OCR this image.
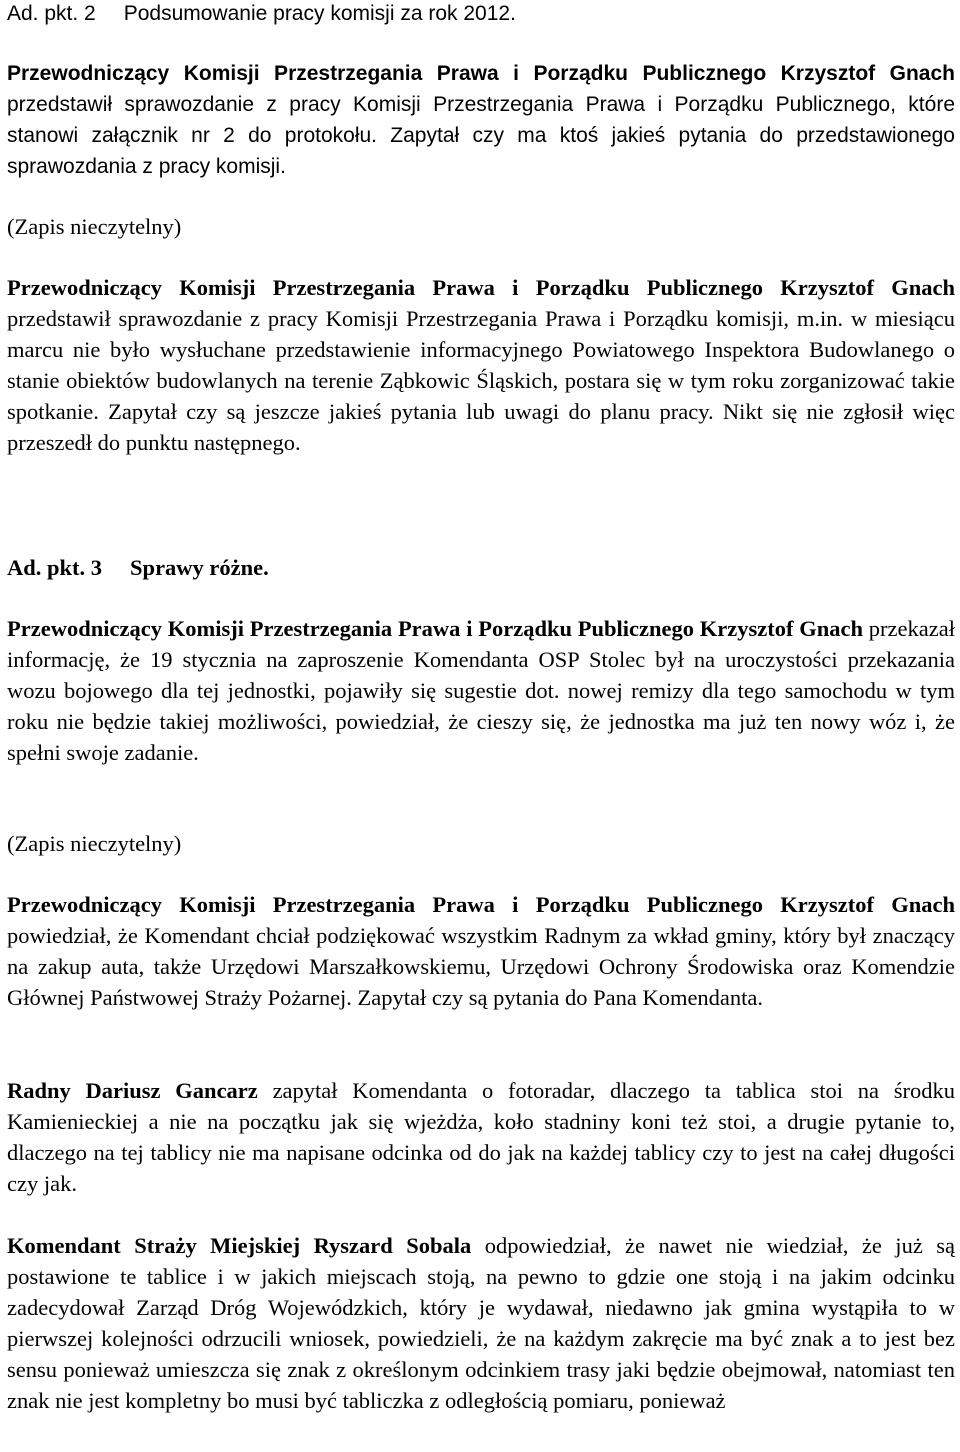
Ad. pkt. 2 Podsumowanie pracy komisji za rok 2012.

Przewodniczący Komisji Przestrzegania Prawa i Porządku Publicznego Krzysztof Gnach przedstawił sprawozdanie z pracy Komisji Przestrzegania Prawa i Porządku Publicznego, które stanowi załącznik nr 2 do protokołu. Zapytał czy ma ktoś jakieś pytania do przedstawionego sprawozdania z pracy komisji.

(Zapis nieczytelny)

Przewodniczący Komisji Przestrzegania Prawa i Porządku Publicznego Krzysztof Gnach przedstawił sprawozdanie z pracy Komisji Przestrzegania Prawa i Porządku komisji, m.in. w miesiącu marcu nie było wysłuchane przedstawienie informacyjnego Powiatowego Inspektora Budowlanego o stanie obiektów budowlanych na terenie Ząbkowic Śląskich, postara się w tym roku zorganizować takie spotkanie. Zapytał czy są jeszcze jakieś pytania lub uwagi do planu pracy. Nikt się nie zgłosił więc przeszedł do punktu następnego.

Ad. pkt. 3 Sprawy różne.

Przewodniczący Komisji Przestrzegania Prawa i Porządku Publicznego Krzysztof Gnach przekazał informację, że 19 stycznia na zaproszenie Komendanta OSP Stolec był na uroczystości przekazania wozu bojowego dla tej jednostki, pojawiły się sugestie dot. nowej remizy dla tego samochodu w tym roku nie będzie takiej możliwości, powiedział, że cieszy się, że jednostka ma już ten nowy wóz i, że spełni swoje zadanie.

(Zapis nieczytelny)

Przewodniczący Komisji Przestrzegania Prawa i Porządku Publicznego Krzysztof Gnach powiedział, że Komendant chciał podziękować wszystkim Radnym za wkład gminy, który był znaczący na zakup auta, także Urzędowi Marszałkowskiemu, Urzędowi Ochrony Środowiska oraz Komendzie Głównej Państwowej Straży Pożarnej. Zapytał czy są pytania do Pana Komendanta.

Radny Dariusz Gancarz zapytał Komendanta o fotoradar, dlaczego ta tablica stoi na środku Kamienieckiej a nie na początku jak się wjeżdża, koło stadniny koni też stoi, a drugie pytanie to, dlaczego na tej tablicy nie ma napisane odcinka od do jak na każdej tablicy czy to jest na całej długości czy jak.

Komendant Straży Miejskiej Ryszard Sobala odpowiedział, że nawet nie wiedział, że już są postawione te tablice i w jakich miejscach stoją, na pewno to gdzie one stoją i na jakim odcinku zadecydował Zarząd Dróg Wojewódzkich, który je wydawał, niedawno jak gmina wystąpiła to w pierwszej kolejności odrzucili wniosek, powiedzieli, że na każdym zakręcie ma być znak a to jest bez sensu ponieważ umieszcza się znak z określonym odcinkiem trasy jaki będzie obejmował, natomiast ten znak nie jest kompletny bo musi być tabliczka z odległością pomiaru, ponieważ
